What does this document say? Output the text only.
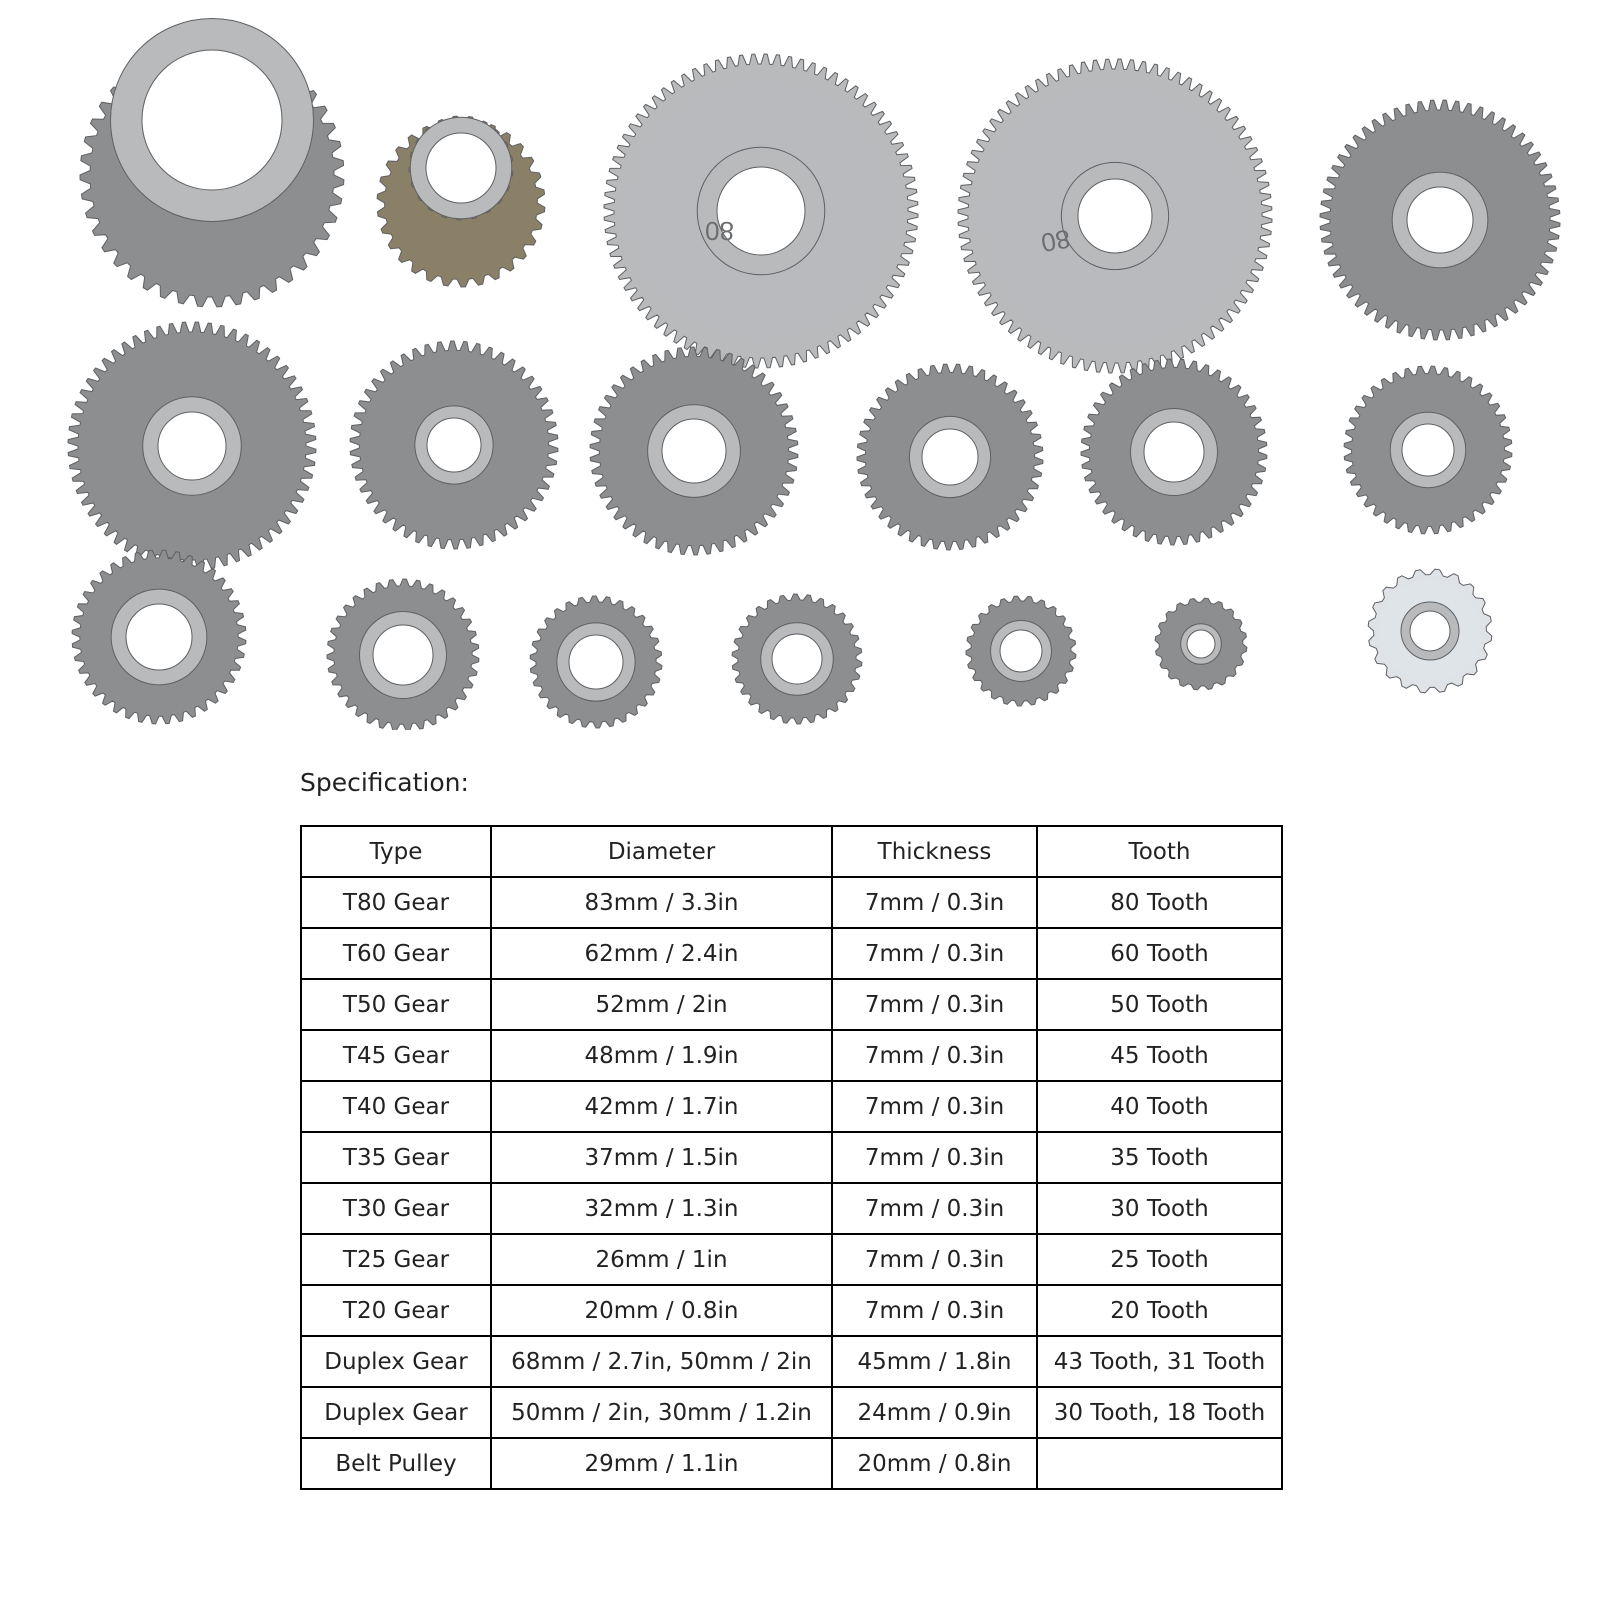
80	80
Specification:
Type	Diameter	Thickness	Tooth
T80 Gear	83mm / 3.3in	7mm / 0.3in	80 Tooth
T60 Gear	62mm / 2.4in	7mm / 0.3in	60 Tooth
T50 Gear	52mm / 2in	7mm / 0.3in	50 Tooth
T45 Gear	48mm / 1.9in	7mm / 0.3in	45 Tooth
T40 Gear	42mm / 1.7in	7mm / 0.3in	40 Tooth
T35 Gear	37mm / 1.5in	7mm / 0.3in	35 Tooth
T30 Gear	32mm / 1.3in	7mm / 0.3in	30 Tooth
T25 Gear	26mm / 1in	7mm / 0.3in	25 Tooth
T20 Gear	20mm / 0.8in	7mm / 0.3in	20 Tooth
Duplex Gear	68mm / 2.7in, 50mm / 2in	45mm / 1.8in	43 Tooth, 31 Tooth
Duplex Gear	50mm / 2in, 30mm / 1.2in	24mm / 0.9in	30 Tooth, 18 Tooth
Belt Pulley	29mm / 1.1in	20mm / 0.8in	
